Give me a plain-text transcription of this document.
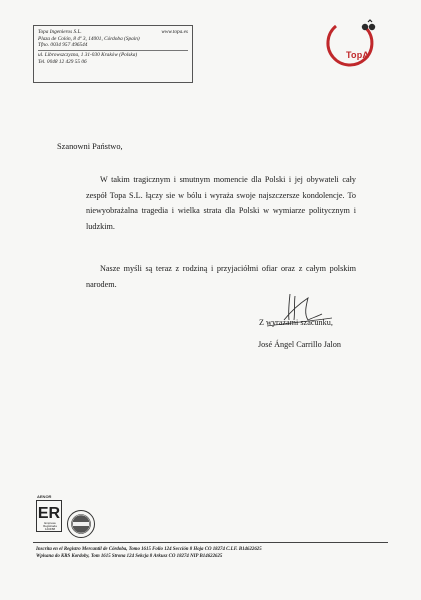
Topa Ingenieros S.L.	www.topa.es
Plaza de Colón, 8 4º 3, 14001, Córdoba (Spain)
Tfno. 0034 957 496544
ul. Librowszczyzna, 1 31-030 Kraków (Polska)
Tel. 0048 12 429 55 06
TopA
Szanowni Państwo,
W takim tragicznym i smutnym momencie dla Polski i jej obywateli cały zespół Topa S.L. łączy sie w bólu i wyraża swoje najszczersze kondolencje. To niewyobrażalna tragedia i wielka strata dla Polski w wymiarze politycznym i ludzkim.
Nasze myśli są teraz z rodziną i przyjaciółmi ofiar oraz z całym polskim narodem.
Z wyrazami szacunku,
José Ángel Carrillo Jalon
AENOR
ER
Empresa
Registrada
1234/88
Inscrita en el Registro Mercantil de Córdoba, Tomo 1615 Folio 124 Sección 8 Hoja CO 18274 C.I.F. B14622625
Wpisana do KRS Kordoby, Tom 1615 Strona 124 Sekcja 8 Arkusz CO 18274 NIP B14622625
